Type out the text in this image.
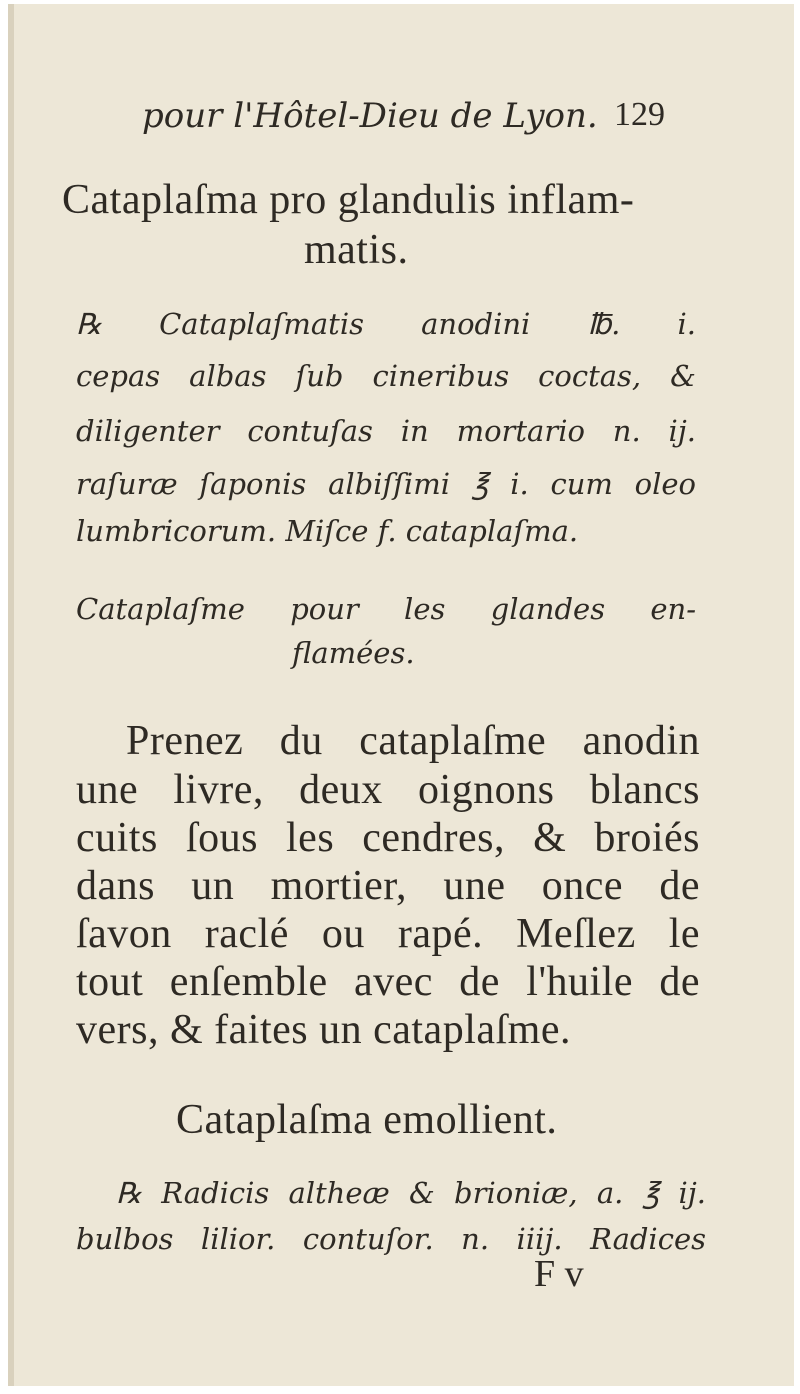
pour l'Hôtel-Dieu de Lyon. 129
Cataplaſma pro glandulis inflam-
matis.
℞ Cataplaſmatis anodini ℔. i.
cepas albas ſub cineribus coctas, &
diligenter contuſas in mortario n. ij.
raſuræ ſaponis albiſſimi ℥ i. cum oleo
lumbricorum. Miſce f. cataplaſma.
Cataplaſme pour les glandes en-
flamées.
Prenez du cataplaſme anodin
une livre, deux oignons blancs
cuits ſous les cendres, & broiés
dans un mortier, une once de
ſavon raclé ou rapé. Meſlez le
tout enſemble avec de l'huile de
vers, & faites un cataplaſme.
Cataplaſma emollient.
℞ Radicis altheæ & brioniæ, a. ℥ ij.
bulbos lilior. contuſor. n. iiij. Radices
F v
